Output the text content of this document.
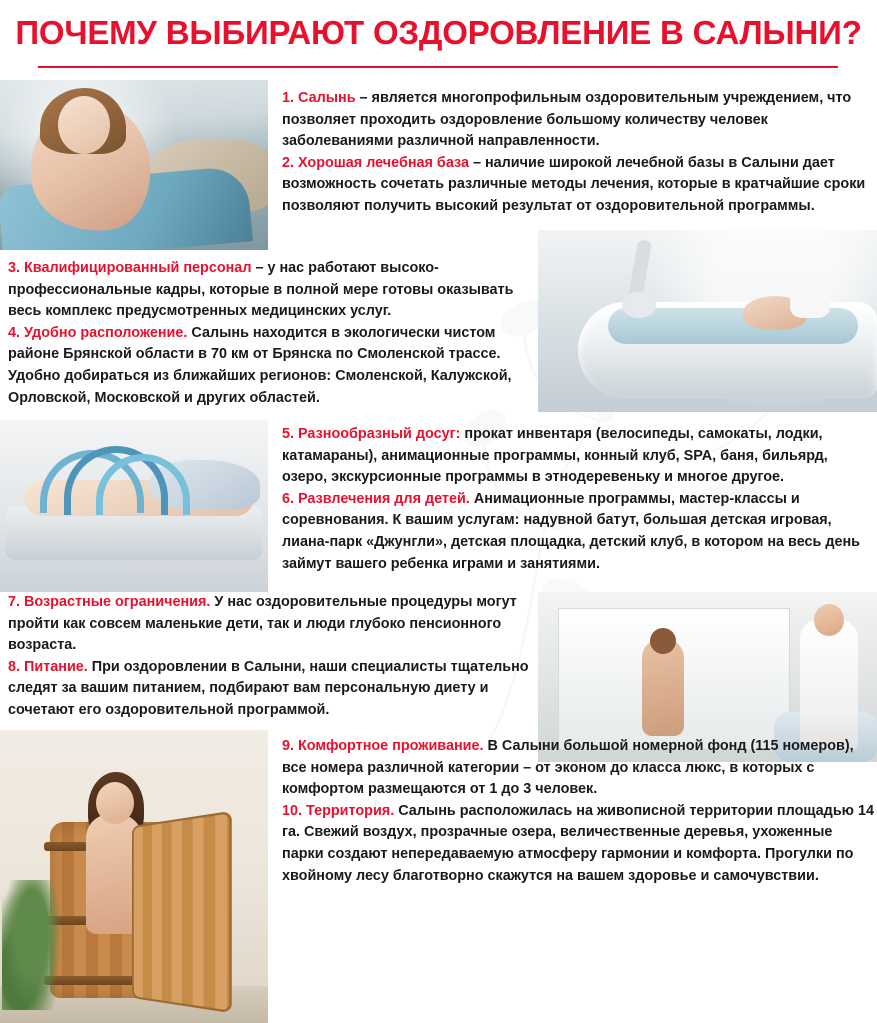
ПОЧЕМУ ВЫБИРАЮТ ОЗДОРОВЛЕНИЕ В САЛЫНИ?

1. Салынь – является многопрофильным оздоровительным учреждением, что позволяет проходить оздоровление большому количеству человек заболеваниями различной направленности.

2. Хорошая лечебная база – наличие широкой лечебной базы в Салыни дает возможность сочетать различные методы лечения, которые в кратчайшие сроки позволяют получить высокий результат от оздоровительной программы.

3. Квалифицированный персонал – у нас работают высоко-профессиональные кадры, которые в полной мере готовы оказывать весь комплекс предусмотренных медицинских услуг.

4. Удобно расположение. Салынь находится в экологически чистом районе Брянской области в 70 км от Брянска по Смоленской трассе. Удобно добираться из ближайших регионов: Смоленской, Калужской, Орловской, Московской и других областей.

5. Разнообразный досуг: прокат инвентаря (велосипеды, самокаты, лодки, катамараны), анимационные программы, конный клуб, SPA, баня, бильярд, озеро, экскурсионные программы в этнодеревеньку и многое другое.

6. Развлечения для детей. Анимационные программы, мастер-классы и соревнования. К вашим услугам: надувной батут, большая детская игровая, лиана-парк «Джунгли», детская площадка, детский клуб, в котором на весь день займут вашего ребенка играми и занятиями.

7. Возрастные ограничения. У нас оздоровительные процедуры могут пройти как совсем маленькие дети, так и люди глубоко пенсионного возраста.

8. Питание. При оздоровлении в Салыни, наши специалисты тщательно следят за вашим питанием, подбирают вам персональную диету и сочетают его оздоровительной программой.

9. Комфортное проживание. В Салыни большой номерной фонд (115 номеров), все номера различной категории – от эконом до класса люкс, в которых с комфортом размещаются от 1 до 3 человек.

10. Территория. Салынь расположилась на живописной территории площадью 14 га. Свежий воздух, прозрачные озера, величественные деревья, ухоженные парки создают непередаваемую атмосферу гармонии и комфорта. Прогулки по хвойному лесу благотворно скажутся на вашем здоровье и самочувствии.
